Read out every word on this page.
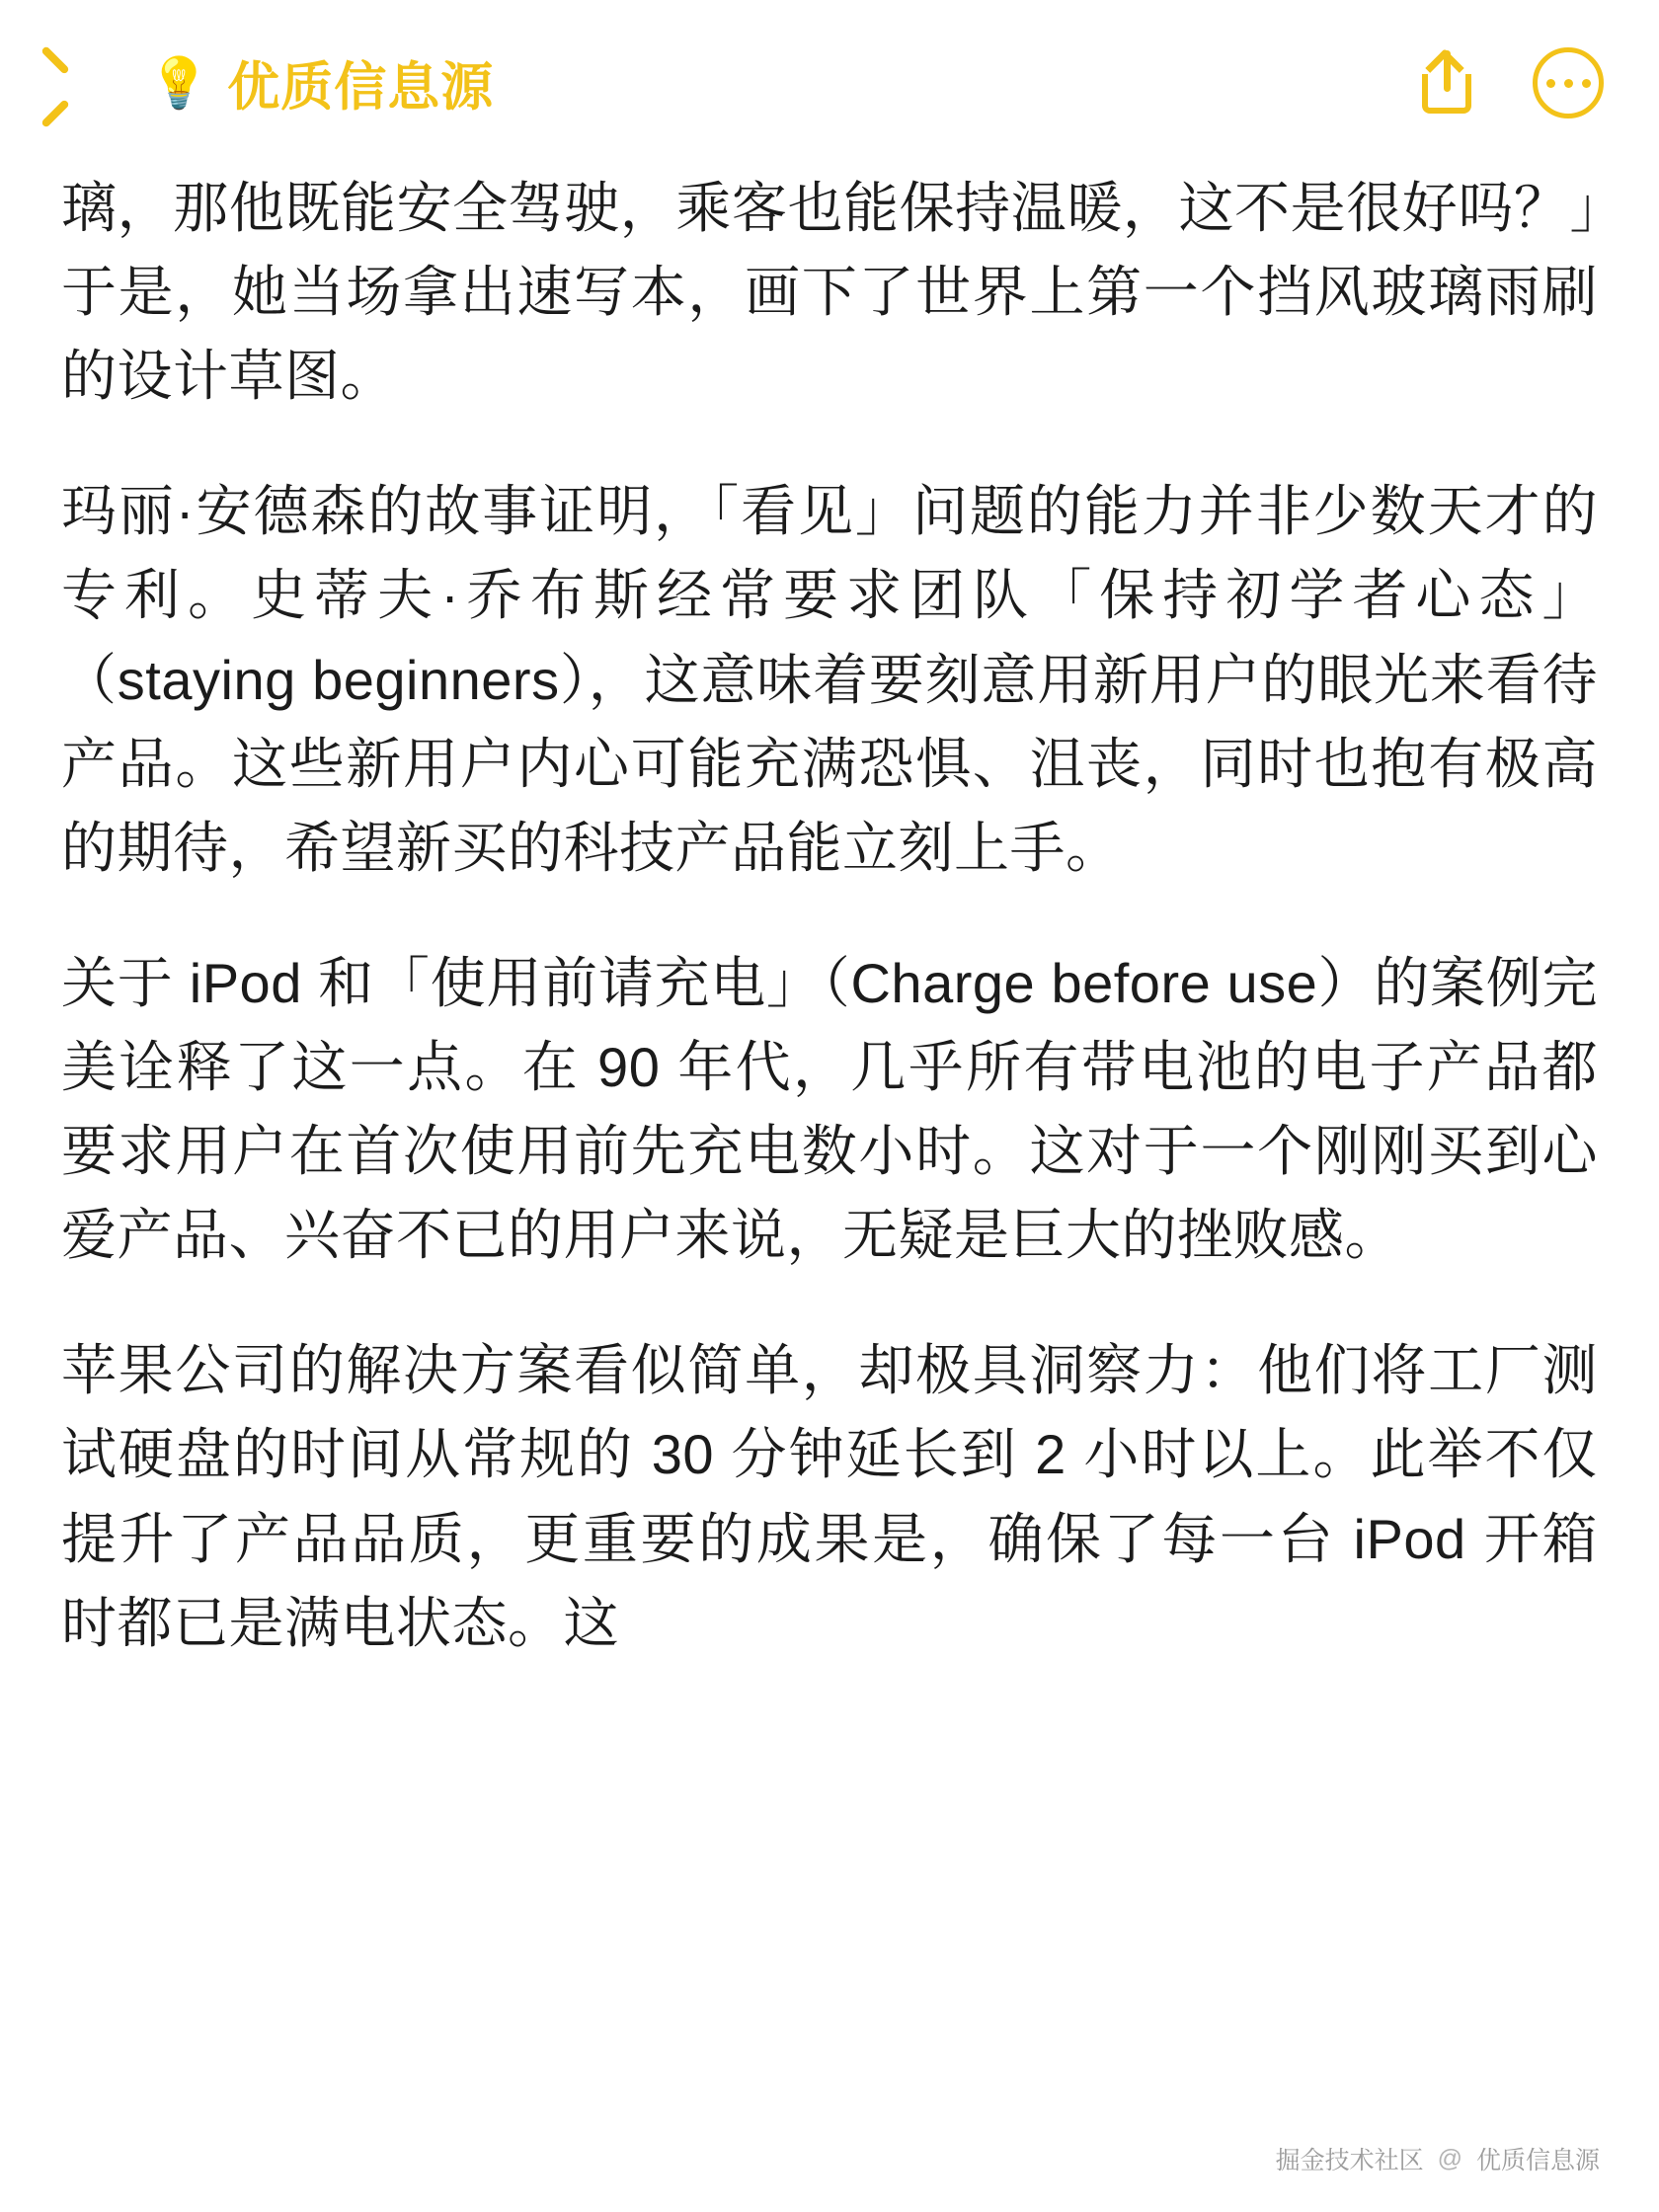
💡 优质信息源

璃，那他既能安全驾驶，乘客也能保持温暖，这不是很好吗？」于是，她当场拿出速写本，画下了世界上第一个挡风玻璃雨刷的设计草图。

玛丽·安德森的故事证明，「看见」问题的能力并非少数天才的专利。史蒂夫·乔布斯经常要求团队「保持初学者心态」（staying beginners），这意味着要刻意用新用户的眼光来看待产品。这些新用户内心可能充满恐惧、沮丧，同时也抱有极高的期待，希望新买的科技产品能立刻上手。

关于 iPod 和「使用前请充电」（Charge before use）的案例完美诠释了这一点。在 90 年代，几乎所有带电池的电子产品都要求用户在首次使用前先充电数小时。这对于一个刚刚买到心爱产品、兴奋不已的用户来说，无疑是巨大的挫败感。

苹果公司的解决方案看似简单，却极具洞察力：他们将工厂测试硬盘的时间从常规的 30 分钟延长到 2 小时以上。此举不仅提升了产品品质，更重要的成果是，确保了每一台 iPod 开箱时都已是满电状态。这

掘金技术社区 @ 优质信息源
